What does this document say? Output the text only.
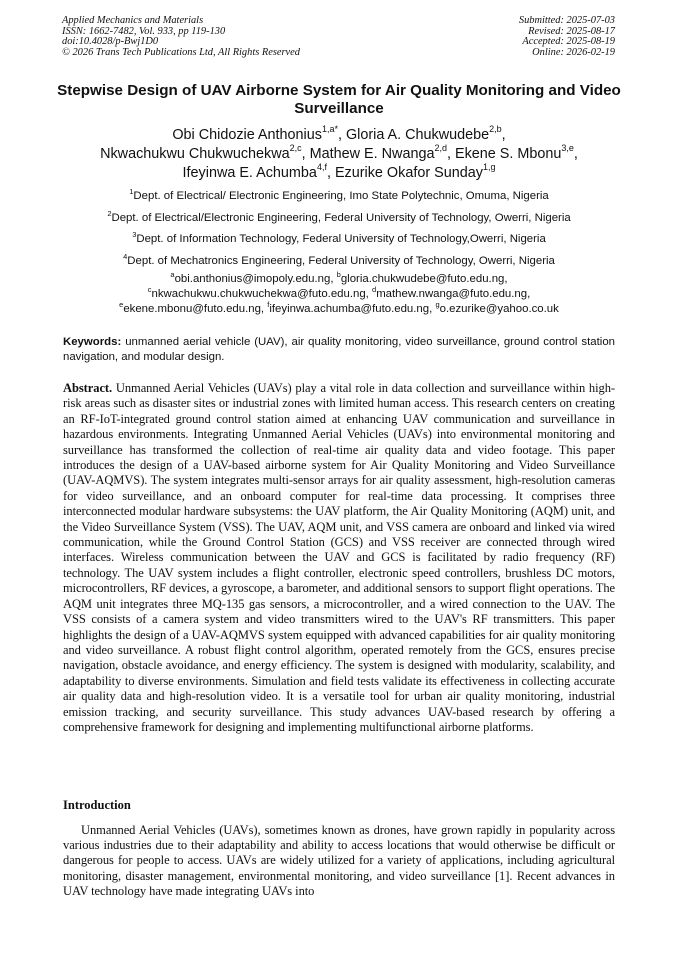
Applied Mechanics and Materials
ISSN: 1662-7482, Vol. 933, pp 119-130
doi:10.4028/p-Bwj1D0
© 2026 Trans Tech Publications Ltd, All Rights Reserved
Submitted: 2025-07-03
Revised: 2025-08-17
Accepted: 2025-08-19
Online: 2026-02-19
Stepwise Design of UAV Airborne System for Air Quality Monitoring and Video Surveillance
Obi Chidozie Anthonius$^{1,a*}$, Gloria A. Chukwudebe$^{2,b}$,
Nkwachukwu Chukwuchekwa$^{2,c}$, Mathew E. Nwanga$^{2,d}$, Ekene S. Mbonu$^{3,e}$,
Ifeyinwa E. Achumba$^{4,f}$, Ezurike Okafor Sunday$^{1,g}$
$^1$Dept. of Electrical/ Electronic Engineering, Imo State Polytechnic, Omuma, Nigeria
$^2$Dept. of Electrical/Electronic Engineering, Federal University of Technology, Owerri, Nigeria
$^3$Dept. of Information Technology, Federal University of Technology,Owerri, Nigeria
$^4$Dept. of Mechatronics Engineering, Federal University of Technology, Owerri, Nigeria
$^a$obi.anthonius@imopoly.edu.ng, $^b$gloria.chukwudebe@futo.edu.ng,
$^c$nkwachukwu.chukwuchekwa@futo.edu.ng, $^d$mathew.nwanga@futo.edu.ng,
$^e$ekene.mbonu@futo.edu.ng, $^f$ifeyinwa.achumba@futo.edu.ng, $^g$o.ezurike@yahoo.co.uk
Keywords: unmanned aerial vehicle (UAV), air quality monitoring, video surveillance, ground control station navigation, and modular design.
Abstract. Unmanned Aerial Vehicles (UAVs) play a vital role in data collection and surveillance within high-risk areas such as disaster sites or industrial zones with limited human access. This research centers on creating an RF-IoT-integrated ground control station aimed at enhancing UAV communication and surveillance in hazardous environments. Integrating Unmanned Aerial Vehicles (UAVs) into environmental monitoring and surveillance has transformed the collection of real-time air quality data and video footage. This paper introduces the design of a UAV-based airborne system for Air Quality Monitoring and Video Surveillance (UAV-AQMVS). The system integrates multi-sensor arrays for air quality assessment, high-resolution cameras for video surveillance, and an onboard computer for real-time data processing. It comprises three interconnected modular hardware subsystems: the UAV platform, the Air Quality Monitoring (AQM) unit, and the Video Surveillance System (VSS). The UAV, AQM unit, and VSS camera are onboard and linked via wired communication, while the Ground Control Station (GCS) and VSS receiver are connected through wired interfaces. Wireless communication between the UAV and GCS is facilitated by radio frequency (RF) technology. The UAV system includes a flight controller, electronic speed controllers, brushless DC motors, microcontrollers, RF devices, a gyroscope, a barometer, and additional sensors to support flight operations. The AQM unit integrates three MQ-135 gas sensors, a microcontroller, and a wired connection to the UAV. The VSS consists of a camera system and video transmitters wired to the UAV's RF transmitters. This paper highlights the design of a UAV-AQMVS system equipped with advanced capabilities for air quality monitoring and video surveillance. A robust flight control algorithm, operated remotely from the GCS, ensures precise navigation, obstacle avoidance, and energy efficiency. The system is designed with modularity, scalability, and adaptability to diverse environments. Simulation and field tests validate its effectiveness in collecting accurate air quality data and high-resolution video. It is a versatile tool for urban air quality monitoring, industrial emission tracking, and security surveillance. This study advances UAV-based research by offering a comprehensive framework for designing and implementing multifunctional airborne platforms.
Introduction
Unmanned Aerial Vehicles (UAVs), sometimes known as drones, have grown rapidly in popularity across various industries due to their adaptability and ability to access locations that would otherwise be difficult or dangerous for people to access. UAVs are widely utilized for a variety of applications, including agricultural monitoring, disaster management, environmental monitoring, and video surveillance [1]. Recent advances in UAV technology have made integrating UAVs into
